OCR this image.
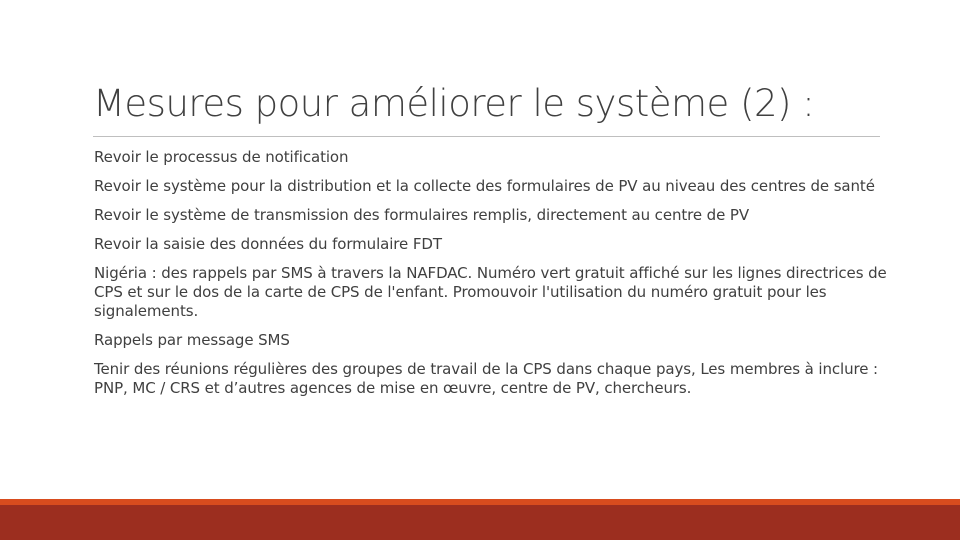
Mesures pour améliorer le système (2) :
Revoir le processus de notification
Revoir le système pour la distribution et la collecte des formulaires de PV au niveau des centres de santé
Revoir le système de transmission des formulaires remplis, directement au centre de PV
Revoir la saisie des données du formulaire FDT
Nigéria : des rappels par SMS à travers la NAFDAC. Numéro vert gratuit affiché sur les lignes directrices de CPS et sur le dos de la carte de CPS de l'enfant. Promouvoir l'utilisation du numéro gratuit pour les signalements.
Rappels par message SMS
Tenir des réunions régulières des groupes de travail de la CPS dans chaque pays, Les membres à inclure : PNP, MC / CRS et d’autres agences de mise en œuvre, centre de PV, chercheurs.
